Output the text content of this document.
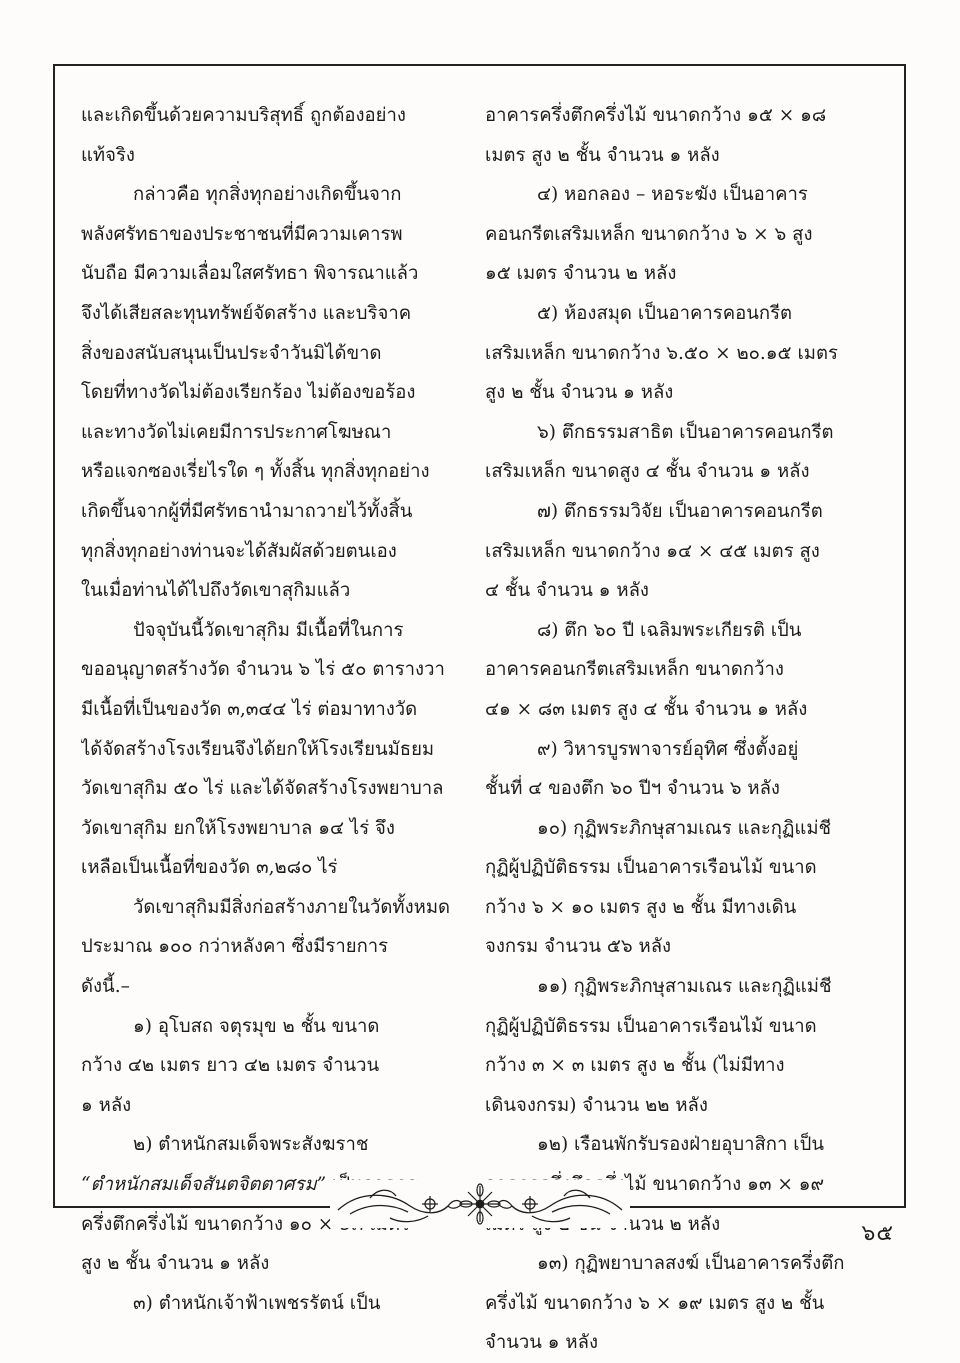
และเกิดขึ้นด้วยความบริสุทธิ์ ถูกต้องอย่าง
แท้จริง
กล่าวคือ ทุกสิ่งทุกอย่างเกิดขึ้นจาก
พลังศรัทธาของประชาชนที่มีความเคารพ
นับถือ มีความเลื่อมใสศรัทธา พิจารณาแล้ว
จึงได้เสียสละทุนทรัพย์จัดสร้าง และบริจาค
สิ่งของสนับสนุนเป็นประจำวันมิได้ขาด
โดยที่ทางวัดไม่ต้องเรียกร้อง ไม่ต้องขอร้อง
และทางวัดไม่เคยมีการประกาศโฆษณา
หรือแจกซองเรี่ยไรใด ๆ ทั้งสิ้น ทุกสิ่งทุกอย่าง
เกิดขึ้นจากผู้ที่มีศรัทธานำมาถวายไว้ทั้งสิ้น
ทุกสิ่งทุกอย่างท่านจะได้สัมผัสด้วยตนเอง
ในเมื่อท่านได้ไปถึงวัดเขาสุกิมแล้ว
ปัจจุบันนี้วัดเขาสุกิม มีเนื้อที่ในการ
ขออนุญาตสร้างวัด จำนวน ๖ ไร่ ๕๐ ตารางวา
มีเนื้อที่เป็นของวัด ๓,๓๔๔ ไร่ ต่อมาทางวัด
ได้จัดสร้างโรงเรียนจึงได้ยกให้โรงเรียนมัธยม
วัดเขาสุกิม ๕๐ ไร่ และได้จัดสร้างโรงพยาบาล
วัดเขาสุกิม ยกให้โรงพยาบาล ๑๔ ไร่ จึง
เหลือเป็นเนื้อที่ของวัด ๓,๒๘๐ ไร่
วัดเขาสุกิมมีสิ่งก่อสร้างภายในวัดทั้งหมด
ประมาณ ๑๐๐ กว่าหลังคา ซึ่งมีรายการ
ดังนี้.–
๑) อุโบสถ จตุรมุข ๒ ชั้น ขนาด
กว้าง ๔๒ เมตร ยาว ๔๒ เมตร จำนวน
๑ หลัง
๒) ตำหนักสมเด็จพระสังฆราช
“ตำหนักสมเด็จสันตจิตตาศรม” เป็นอาคาร
ครึ่งตึกครึ่งไม้ ขนาดกว้าง ๑๐ × ๑๓ เมตร
สูง ๒ ชั้น จำนวน ๑ หลัง
๓) ตำหนักเจ้าฟ้าเพชรรัตน์ เป็น
อาคารครึ่งตึกครึ่งไม้ ขนาดกว้าง ๑๕ × ๑๘
เมตร สูง ๒ ชั้น จำนวน ๑ หลัง
๔) หอกลอง – หอระฆัง เป็นอาคาร
คอนกรีตเสริมเหล็ก ขนาดกว้าง ๖ × ๖ สูง
๑๕ เมตร จำนวน ๒ หลัง
๕) ห้องสมุด เป็นอาคารคอนกรีต
เสริมเหล็ก ขนาดกว้าง ๖.๕๐ × ๒๐.๑๕ เมตร
สูง ๒ ชั้น จำนวน ๑ หลัง
๖) ตึกธรรมสาธิต เป็นอาคารคอนกรีต
เสริมเหล็ก ขนาดสูง ๔ ชั้น จำนวน ๑ หลัง
๗) ตึกธรรมวิจัย เป็นอาคารคอนกรีต
เสริมเหล็ก ขนาดกว้าง ๑๔ × ๔๕ เมตร สูง
๔ ชั้น จำนวน ๑ หลัง
๘) ตึก ๖๐ ปี เฉลิมพระเกียรติ เป็น
อาคารคอนกรีตเสริมเหล็ก ขนาดกว้าง
๔๑ × ๘๓ เมตร สูง ๔ ชั้น จำนวน ๑ หลัง
๙) วิหารบูรพาจารย์อุทิศ ซึ่งตั้งอยู่
ชั้นที่ ๔ ของตึก ๖๐ ปีฯ จำนวน ๖ หลัง
๑๐) กุฏิพระภิกษุสามเณร และกุฏิแม่ชี
กุฏิผู้ปฏิบัติธรรม เป็นอาคารเรือนไม้ ขนาด
กว้าง ๖ × ๑๐ เมตร สูง ๒ ชั้น มีทางเดิน
จงกรม จำนวน ๕๖ หลัง
๑๑) กุฏิพระภิกษุสามเณร และกุฏิแม่ชี
กุฏิผู้ปฏิบัติธรรม เป็นอาคารเรือนไม้ ขนาด
กว้าง ๓ × ๓ เมตร สูง ๒ ชั้น (ไม่มีทาง
เดินจงกรม) จำนวน ๒๒ หลัง
๑๒) เรือนพักรับรองฝ่ายอุบาสิกา เป็น
อาคารครึ่งตึกครึ่งไม้ ขนาดกว้าง ๑๓ × ๑๙
เมตร สูง ๒ ชั้น จำนวน ๒ หลัง
๑๓) กุฏิพยาบาลสงฆ์ เป็นอาคารครึ่งตึก
ครึ่งไม้ ขนาดกว้าง ๖ × ๑๙ เมตร สูง ๒ ชั้น
จำนวน ๑ หลัง
๖๕
